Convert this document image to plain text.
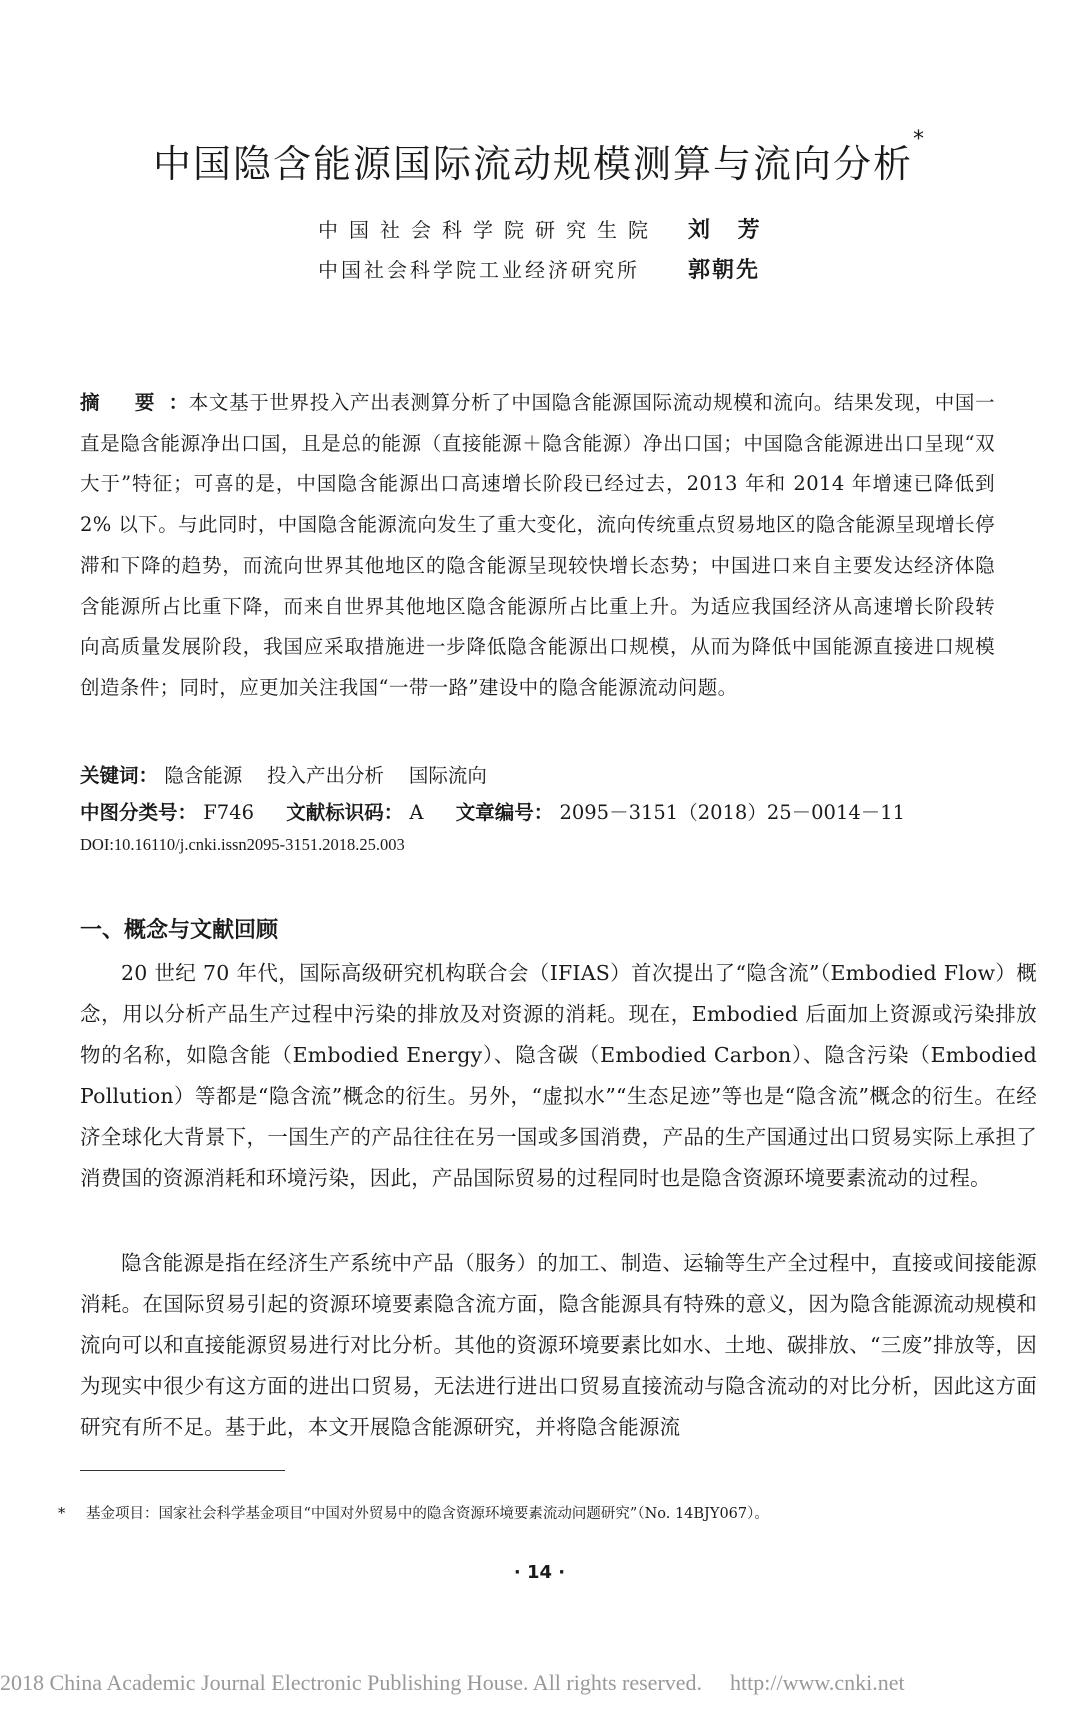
中国隐含能源国际流动规模测算与流向分析*
中国社会科学院研究生院 刘 芳
中国社会科学院工业经济研究所 郭朝先
摘 要：本文基于世界投入产出表测算分析了中国隐含能源国际流动规模和流向。结果发现，中国一直是隐含能源净出口国，且是总的能源（直接能源＋隐含能源）净出口国；中国隐含能源进出口呈现“双大于”特征；可喜的是，中国隐含能源出口高速增长阶段已经过去，2013 年和 2014 年增速已降低到 2% 以下。与此同时，中国隐含能源流向发生了重大变化，流向传统重点贸易地区的隐含能源呈现增长停滞和下降的趋势，而流向世界其他地区的隐含能源呈现较快增长态势；中国进口来自主要发达经济体隐含能源所占比重下降，而来自世界其他地区隐含能源所占比重上升。为适应我国经济从高速增长阶段转向高质量发展阶段，我国应采取措施进一步降低隐含能源出口规模，从而为降低中国能源直接进口规模创造条件；同时，应更加关注我国“一带一路”建设中的隐含能源流动问题。
关键词： 隐含能源 投入产出分析 国际流向
中图分类号： F746 文献标识码： A 文章编号： 2095－3151（2018）25－0014－11
DOI:10.16110/j.cnki.issn2095-3151.2018.25.003
一、概念与文献回顾

20 世纪 70 年代，国际高级研究机构联合会（IFIAS）首次提出了“隐含流”（Embodied Flow）概念，用以分析产品生产过程中污染的排放及对资源的消耗。现在，Embodied 后面加上资源或污染排放物的名称，如隐含能（Embodied Energy）、隐含碳（Embodied Carbon）、隐含污染（Embodied Pollution）等都是“隐含流”概念的衍生。另外，“虚拟水”“生态足迹”等也是“隐含流”概念的衍生。在经济全球化大背景下，一国生产的产品往往在另一国或多国消费，产品的生产国通过出口贸易实际上承担了消费国的资源消耗和环境污染，因此，产品国际贸易的过程同时也是隐含资源环境要素流动的过程。

隐含能源是指在经济生产系统中产品（服务）的加工、制造、运输等生产全过程中，直接或间接能源消耗。在国际贸易引起的资源环境要素隐含流方面，隐含能源具有特殊的意义，因为隐含能源流动规模和流向可以和直接能源贸易进行对比分析。其他的资源环境要素比如水、土地、碳排放、“三废”排放等，因为现实中很少有这方面的进出口贸易，无法进行进出口贸易直接流动与隐含流动的对比分析，因此这方面研究有所不足。基于此，本文开展隐含能源研究，并将隐含能源流

* 基金项目：国家社会科学基金项目“中国对外贸易中的隐含资源环境要素流动问题研究”（No. 14BJY067）。
· 14 ·
2018 China Academic Journal Electronic Publishing House. All rights reserved. http://www.cnki.net
